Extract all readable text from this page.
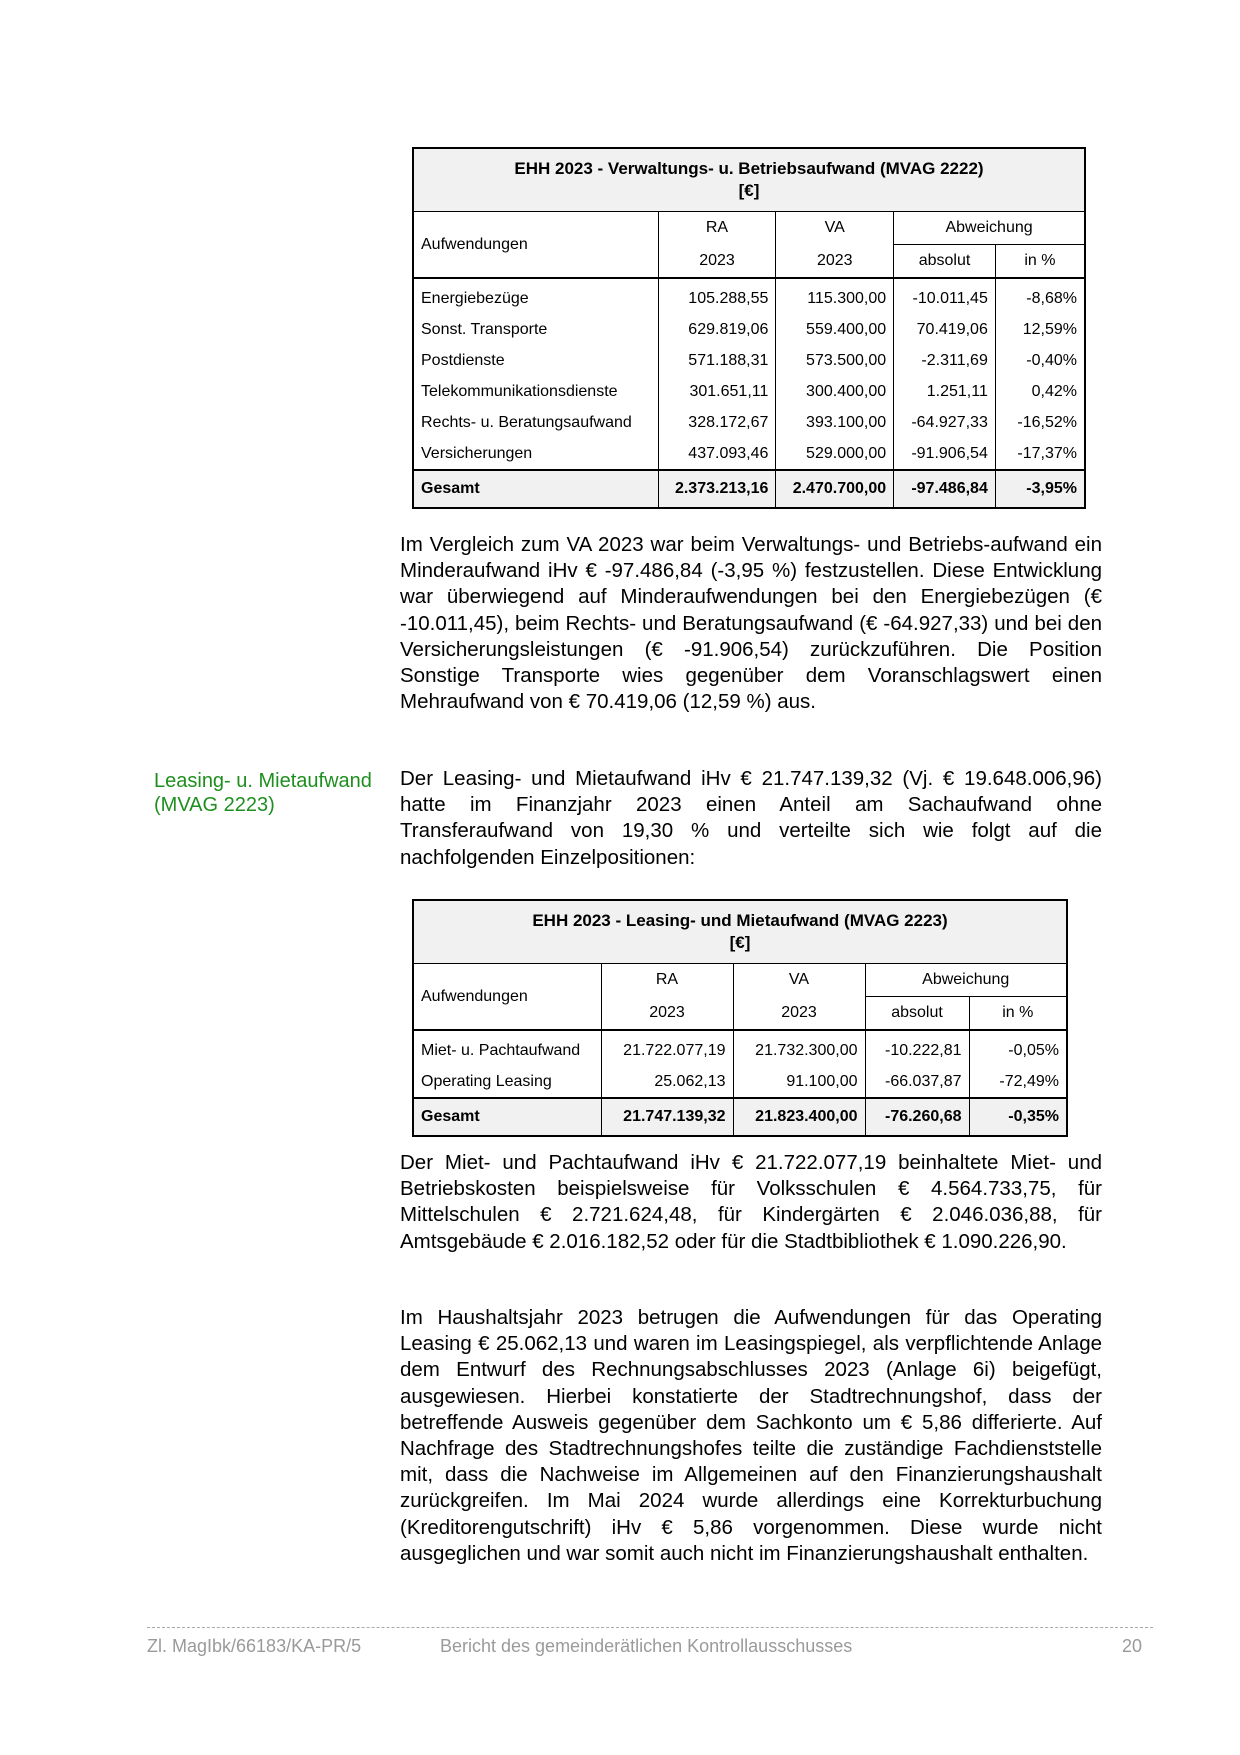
EHH 2023 - Verwaltungs- u. Betriebsaufwand (MVAG 2222)
[€]				

Aufwendungen	RA	VA	Abweichung	
	2023	2023	absolut	in %
Energiebezüge	105.288,55	115.300,00	-10.011,45	-8,68%
Sonst. Transporte	629.819,06	559.400,00	70.419,06	12,59%
Postdienste	571.188,31	573.500,00	-2.311,69	-0,40%
Telekommunikationsdienste	301.651,11	300.400,00	1.251,11	0,42%
Rechts- u. Beratungsaufwand	328.172,67	393.100,00	-64.927,33	-16,52%
Versicherungen	437.093,46	529.000,00	-91.906,54	-17,37%
Gesamt	2.373.213,16	2.470.700,00	-97.486,84	-3,95%

Im Vergleich zum VA 2023 war beim Verwaltungs- und Betriebs-aufwand ein Minderaufwand iHv € -97.486,84 (-3,95 %) festzustellen. Diese Entwicklung war überwiegend auf Minderaufwendungen bei den Energiebezügen (€ -10.011,45), beim Rechts- und Beratungsaufwand (€ -64.927,33) und bei den Versicherungsleistungen (€ -91.906,54) zurückzuführen. Die Position Sonstige Transporte wies gegenüber dem Voranschlagswert einen Mehraufwand von € 70.419,06 (12,59 %) aus.

Leasing- u. Mietaufwand (MVAG 2223)

Der Leasing- und Mietaufwand iHv € 21.747.139,32 (Vj. € 19.648.006,96) hatte im Finanzjahr 2023 einen Anteil am Sachaufwand ohne Transferaufwand von 19,30 % und verteilte sich wie folgt auf die nachfolgenden Einzelpositionen:

EHH 2023 - Leasing- und Mietaufwand (MVAG 2223)
[€]				

Aufwendungen	RA	VA	Abweichung	
	2023	2023	absolut	in %
Miet- u. Pachtaufwand	21.722.077,19	21.732.300,00	-10.222,81	-0,05%
Operating Leasing	25.062,13	91.100,00	-66.037,87	-72,49%
Gesamt	21.747.139,32	21.823.400,00	-76.260,68	-0,35%

Der Miet- und Pachtaufwand iHv € 21.722.077,19 beinhaltete Miet- und Betriebskosten beispielsweise für Volksschulen € 4.564.733,75, für Mittelschulen € 2.721.624,48, für Kindergärten € 2.046.036,88, für Amtsgebäude € 2.016.182,52 oder für die Stadtbibliothek € 1.090.226,90.

Im Haushaltsjahr 2023 betrugen die Aufwendungen für das Operating Leasing € 25.062,13 und waren im Leasingspiegel, als verpflichtende Anlage dem Entwurf des Rechnungsabschlusses 2023 (Anlage 6i) beigefügt, ausgewiesen. Hierbei konstatierte der Stadtrechnungshof, dass der betreffende Ausweis gegenüber dem Sachkonto um € 5,86 differierte. Auf Nachfrage des Stadtrechnungshofes teilte die zuständige Fachdienststelle mit, dass die Nachweise im Allgemeinen auf den Finanzierungshaushalt zurückgreifen. Im Mai 2024 wurde allerdings eine Korrekturbuchung (Kreditorengutschrift) iHv € 5,86 vorgenommen. Diese wurde nicht ausgeglichen und war somit auch nicht im Finanzierungshaushalt enthalten.

Zl. MagIbk/66183/KA-PR/5	Bericht des gemeinderätlichen Kontrollausschusses	20
